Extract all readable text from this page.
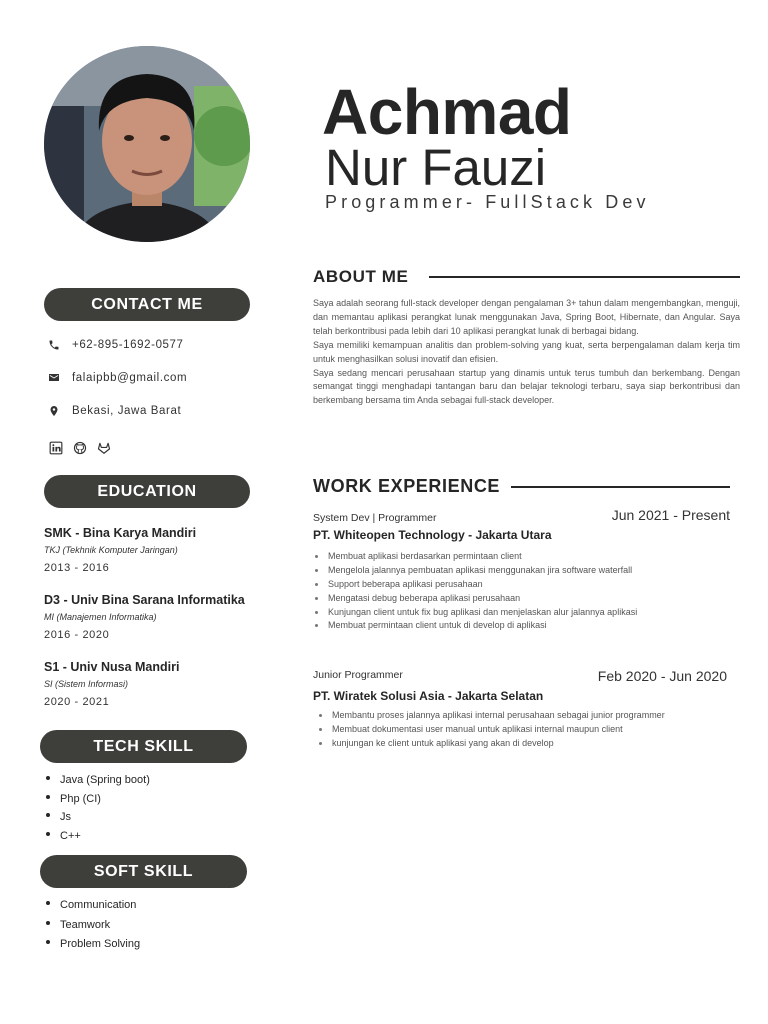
Achmad
Nur Fauzi
Programmer- FullStack Dev
CONTACT ME
+62-895-1692-0577
falaipbb@gmail.com
Bekasi, Jawa Barat
EDUCATION
SMK - Bina Karya Mandiri
TKJ (Tekhnik Komputer Jaringan)
2013 - 2016
D3 - Univ Bina Sarana Informatika
MI (Manajemen Informatika)
2016 - 2020
S1 - Univ Nusa Mandiri
SI (Sistem Informasi)
2020 - 2021
TECH SKILL
Java (Spring boot)
Php (CI)
Js
C++
SOFT SKILL
Communication
Teamwork
Problem Solving
ABOUT ME

Saya adalah seorang full-stack developer dengan pengalaman 3+ tahun dalam mengembangkan, menguji, dan memantau aplikasi perangkat lunak menggunakan Java, Spring Boot, Hibernate, dan Angular. Saya telah berkontribusi pada lebih dari 10 aplikasi perangkat lunak di berbagai bidang.

Saya memiliki kemampuan analitis dan problem-solving yang kuat, serta berpengalaman dalam kerja tim untuk menghasilkan solusi inovatif dan efisien.

Saya sedang mencari perusahaan startup yang dinamis untuk terus tumbuh dan berkembang. Dengan semangat tinggi menghadapi tantangan baru dan belajar teknologi terbaru, saya siap berkontribusi dan berkembang bersama tim Anda sebagai full-stack developer.

WORK EXPERIENCE
System Dev | Programmer	Jun 2021 - Present
PT. Whiteopen Technology - Jakarta Utara
Membuat aplikasi berdasarkan permintaan client
Mengelola jalannya pembuatan aplikasi menggunakan jira software waterfall
Support beberapa aplikasi perusahaan
Mengatasi debug beberapa aplikasi perusahaan
Kunjungan client untuk fix bug aplikasi dan menjelaskan alur jalannya aplikasi
Membuat permintaan client untuk di develop di aplikasi
Junior Programmer	Feb 2020 - Jun 2020
PT. Wiratek Solusi Asia - Jakarta Selatan
Membantu proses jalannya aplikasi internal perusahaan sebagai junior programmer
Membuat dokumentasi user manual untuk aplikasi internal maupun client
kunjungan ke client untuk aplikasi yang akan di develop
